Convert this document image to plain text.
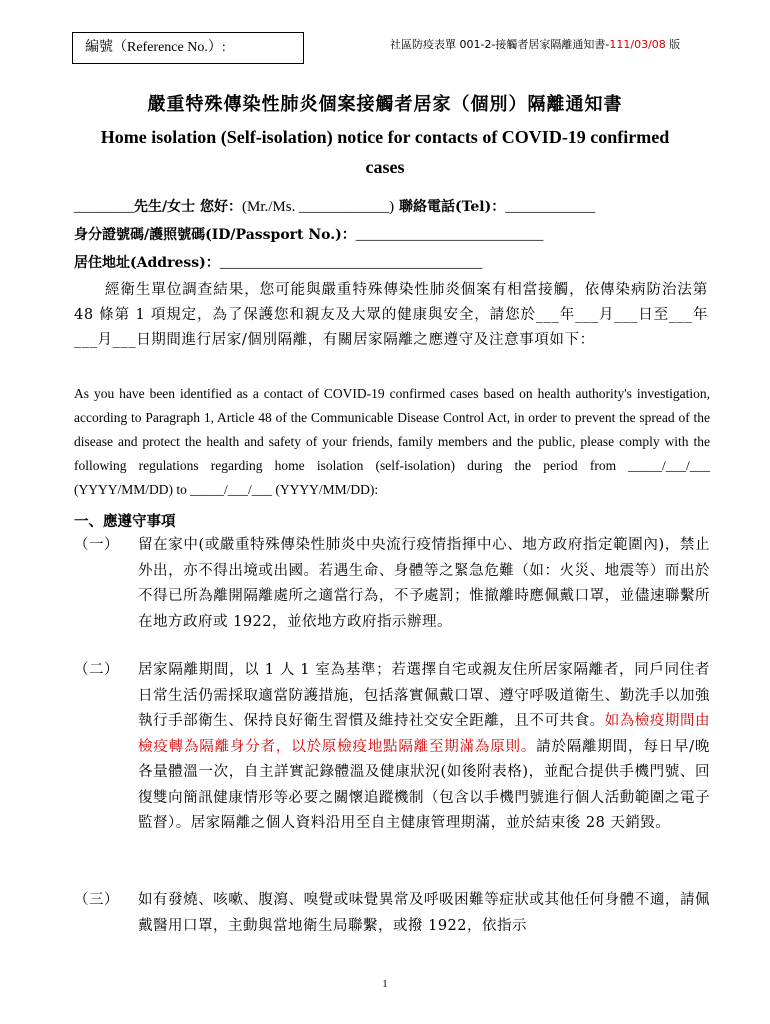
編號（Reference No.）:	社區防疫表單 001-2-接觸者居家隔離通知書-111/03/08 版
嚴重特殊傳染性肺炎個案接觸者居家（個別）隔離通知書
Home isolation (Self-isolation) notice for contacts of COVID-19 confirmed cases
________先生/女士 您好：(Mr./Ms. ____________) 聯絡電話(Tel)：____________
身分證號碼/護照號碼(ID/Passport No.)：_________________________
居住地址(Address)：___________________________________
　　經衛生單位調查結果，您可能與嚴重特殊傳染性肺炎個案有相當接觸，依傳染病防治法第 48 條第 1 項規定，為了保護您和親友及大眾的健康與安全，請您於___年___月___日至___年___月___日期間進行居家/個別隔離，有關居家隔離之應遵守及注意事項如下：
As you have been identified as a contact of COVID-19 confirmed cases based on health authority's investigation, according to Paragraph 1, Article 48 of the Communicable Disease Control Act, in order to prevent the spread of the disease and protect the health and safety of your friends, family members and the public, please comply with the following regulations regarding home isolation (self-isolation) during the period from _____/___/___ (YYYY/MM/DD) to _____/___/___ (YYYY/MM/DD):
一、應遵守事項
（一）	留在家中(或嚴重特殊傳染性肺炎中央流行疫情指揮中心、地方政府指定範圍內)，禁止外出，亦不得出境或出國。若遇生命、身體等之緊急危難（如：火災、地震等）而出於不得已所為離開隔離處所之適當行為，不予處罰；惟撤離時應佩戴口罩，並儘速聯繫所在地方政府或 1922，並依地方政府指示辦理。
（二）	居家隔離期間，以 1 人 1 室為基準；若選擇自宅或親友住所居家隔離者，同戶同住者日常生活仍需採取適當防護措施，包括落實佩戴口罩、遵守呼吸道衛生、勤洗手以加強執行手部衛生、保持良好衛生習慣及維持社交安全距離，且不可共食。如為檢疫期間由檢疫轉為隔離身分者，以於原檢疫地點隔離至期滿為原則。請於隔離期間，每日早/晚各量體溫一次，自主詳實記錄體溫及健康狀況(如後附表格)，並配合提供手機門號、回復雙向簡訊健康情形等必要之關懷追蹤機制（包含以手機門號進行個人活動範圍之電子監督）。居家隔離之個人資料沿用至自主健康管理期滿，並於結束後 28 天銷毀。
（三）	如有發燒、咳嗽、腹瀉、嗅覺或味覺異常及呼吸困難等症狀或其他任何身體不適，請佩戴醫用口罩，主動與當地衛生局聯繫，或撥 1922，依指示
1
